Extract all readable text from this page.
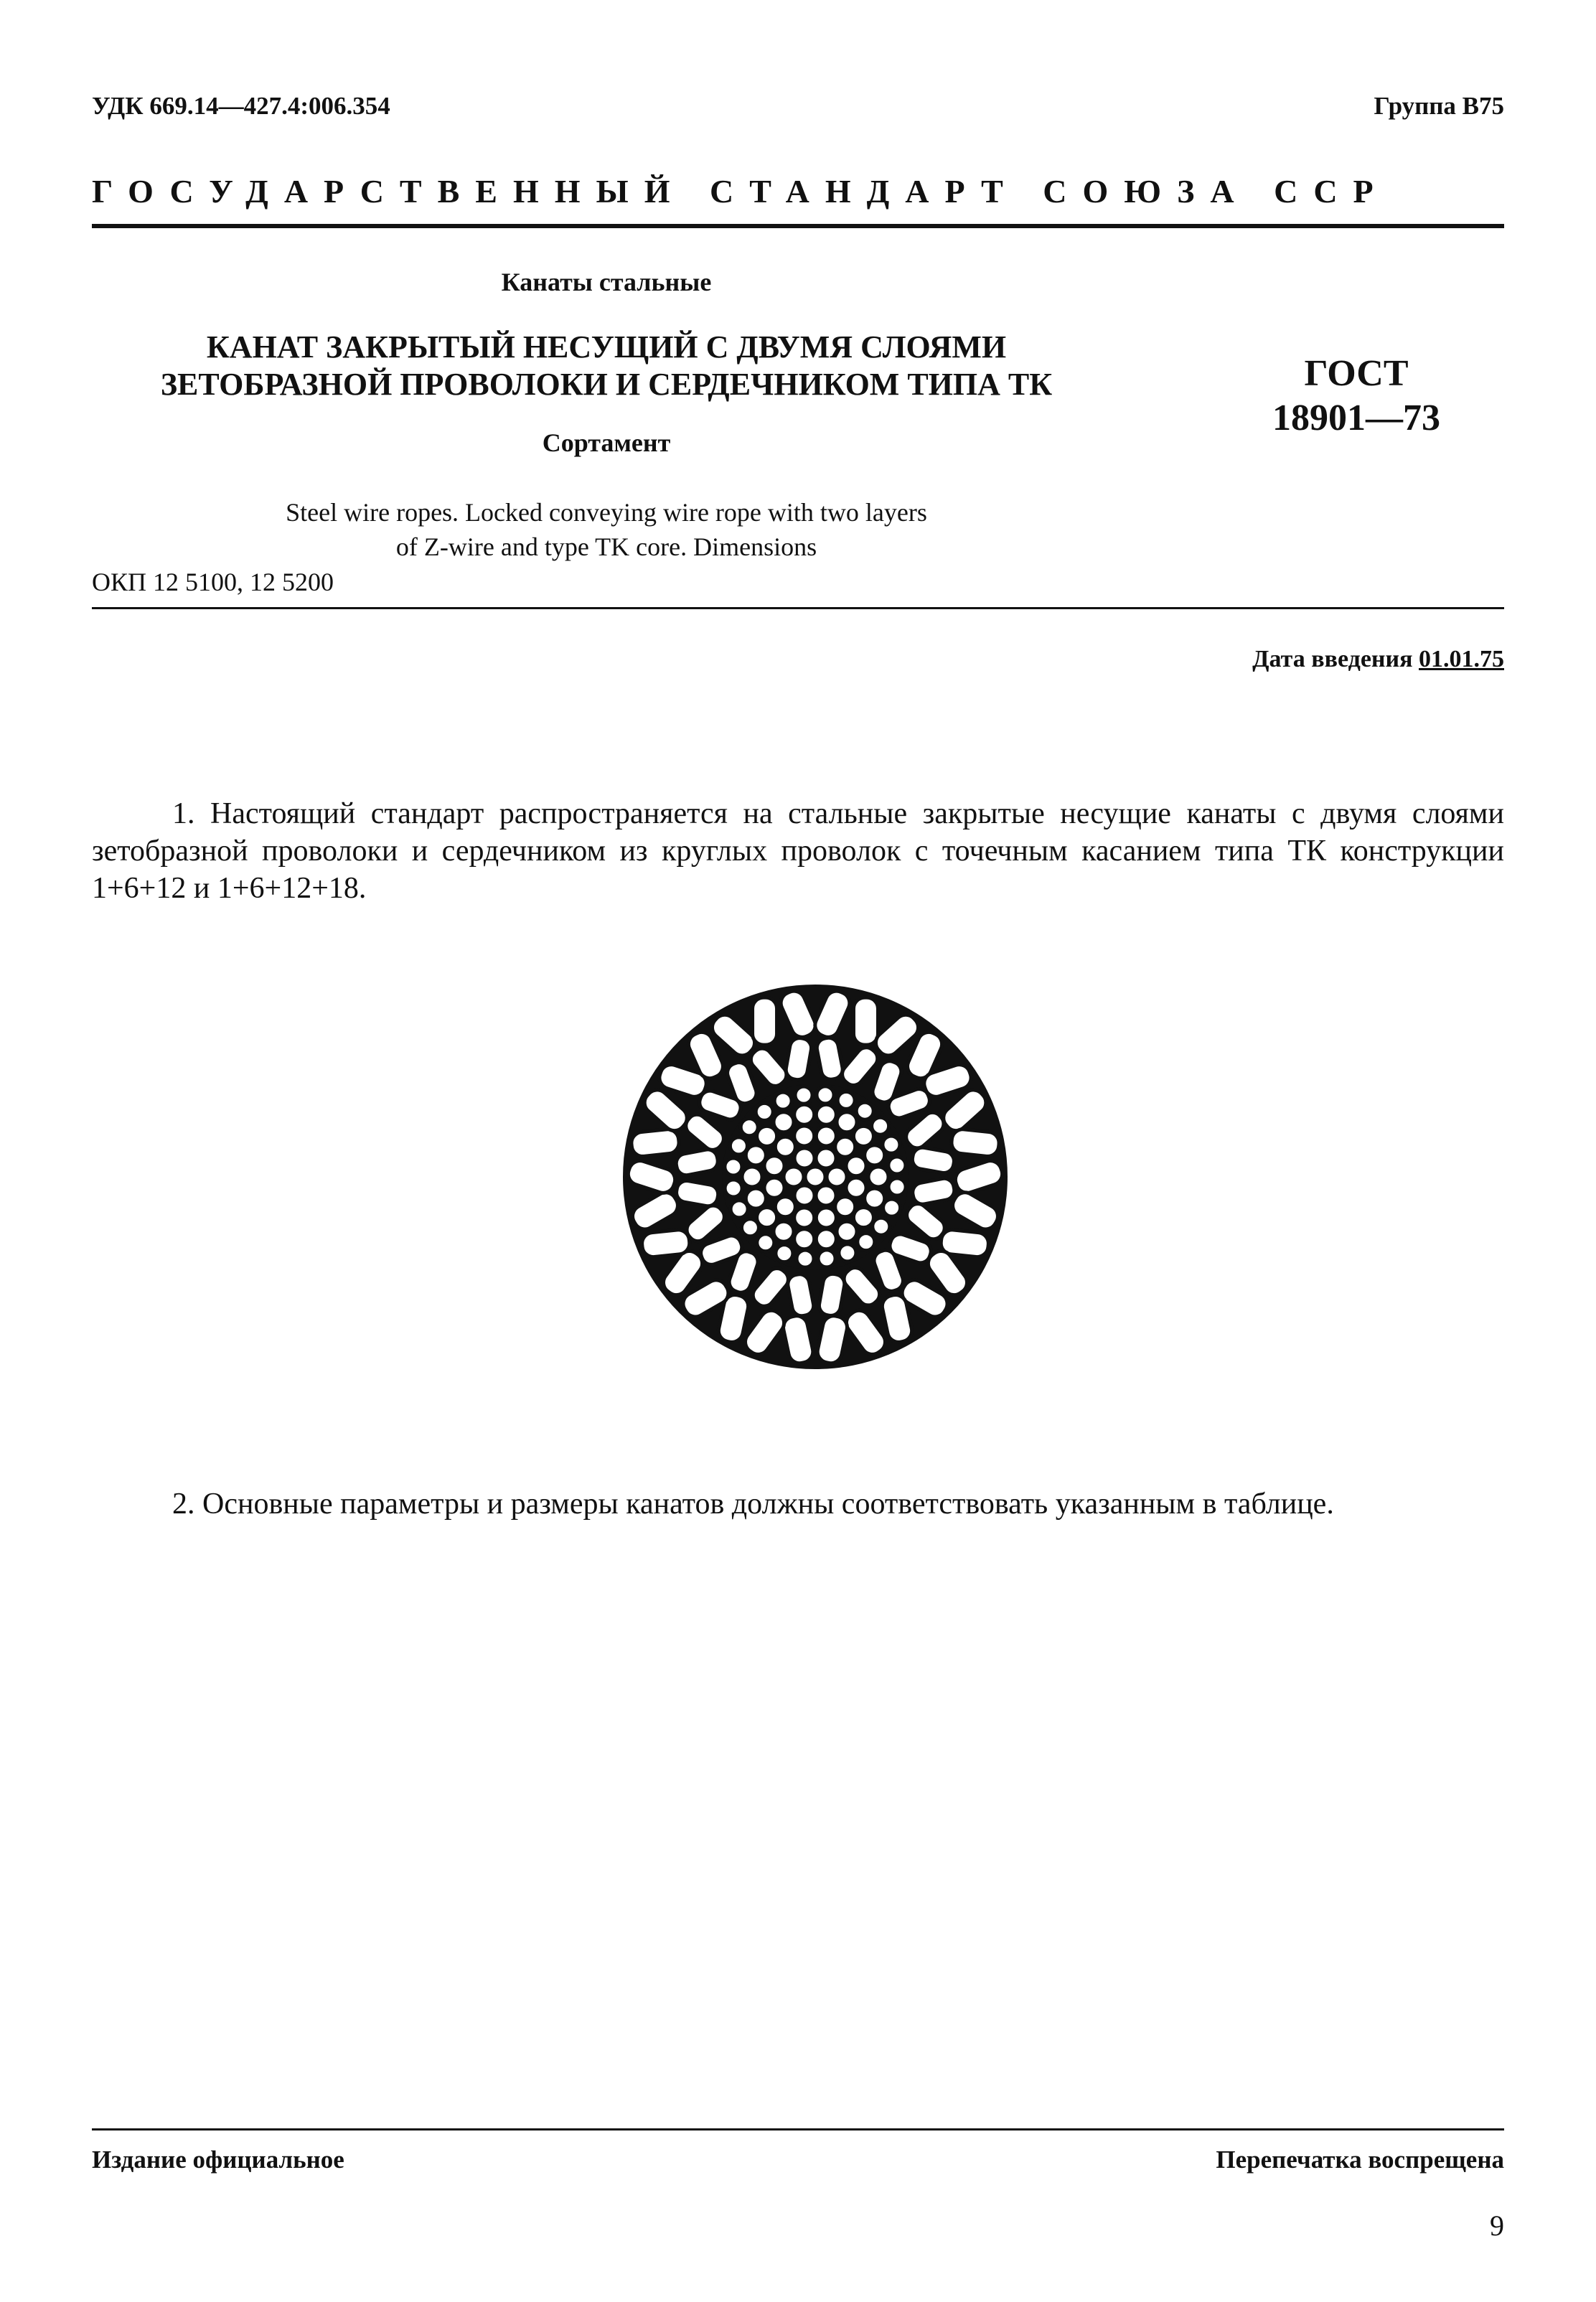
УДК 669.14—427.4:006.354	Группа В75
ГОСУДАРСТВЕННЫЙ СТАНДАРТ СОЮЗА ССР
Канаты стальные
КАНАТ ЗАКРЫТЫЙ НЕСУЩИЙ С ДВУМЯ СЛОЯМИ
ЗЕТОБРАЗНОЙ ПРОВОЛОКИ И СЕРДЕЧНИКОМ ТИПА ТК	ГОСТ
18901—73
Сортамент
Steel wire ropes. Locked conveying wire rope with two layers
of Z-wire and type TK core. Dimensions
ОКП 12 5100, 12 5200
Дата введения 01.01.75
1. Настоящий стандарт распространяется на стальные закрытые несущие канаты с двумя слоями зетобразной проволоки и сердечником из круглых проволок с точечным касанием типа ТК конструкции 1+6+12 и 1+6+12+18.
2. Основные параметры и размеры канатов должны соответствовать указанным в таблице.
Издание официальное	Перепечатка воспрещена
9
